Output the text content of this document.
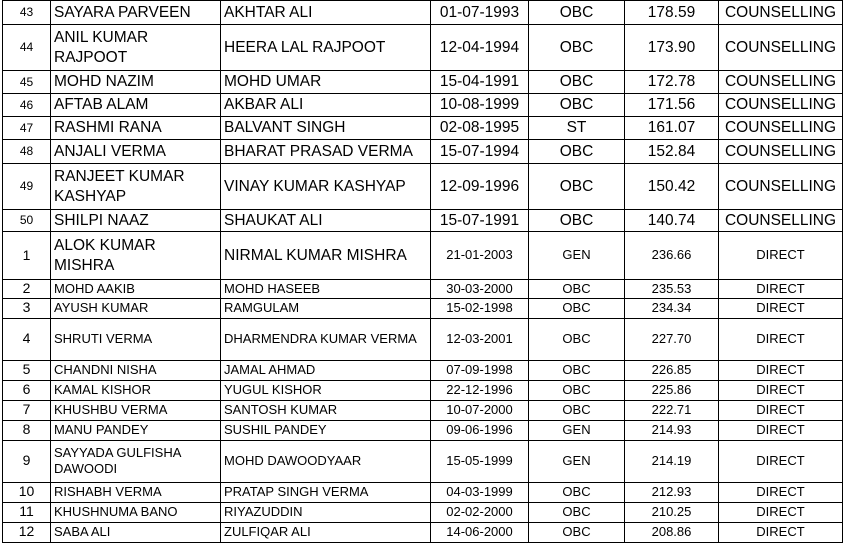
43	SAYARA PARVEEN	AKHTAR ALI	01-07-1993	OBC	178.59	COUNSELLING
44	ANIL KUMAR RAJPOOT	HEERA LAL RAJPOOT	12-04-1994	OBC	173.90	COUNSELLING
45	MOHD NAZIM	MOHD UMAR	15-04-1991	OBC	172.78	COUNSELLING
46	AFTAB ALAM	AKBAR ALI	10-08-1999	OBC	171.56	COUNSELLING
47	RASHMI RANA	BALVANT SINGH	02-08-1995	ST	161.07	COUNSELLING
48	ANJALI VERMA	BHARAT PRASAD VERMA	15-07-1994	OBC	152.84	COUNSELLING
49	RANJEET KUMAR KASHYAP	VINAY KUMAR KASHYAP	12-09-1996	OBC	150.42	COUNSELLING
50	SHILPI NAAZ	SHAUKAT ALI	15-07-1991	OBC	140.74	COUNSELLING
1	ALOK KUMAR MISHRA	NIRMAL KUMAR MISHRA	21-01-2003	GEN	236.66	DIRECT
2	MOHD AAKIB	MOHD HASEEB	30-03-2000	OBC	235.53	DIRECT
3	AYUSH KUMAR	RAMGULAM	15-02-1998	OBC	234.34	DIRECT
4	SHRUTI VERMA	DHARMENDRA KUMAR VERMA	12-03-2001	OBC	227.70	DIRECT
5	CHANDNI NISHA	JAMAL AHMAD	07-09-1998	OBC	226.85	DIRECT
6	KAMAL KISHOR	YUGUL KISHOR	22-12-1996	OBC	225.86	DIRECT
7	KHUSHBU VERMA	SANTOSH KUMAR	10-07-2000	OBC	222.71	DIRECT
8	MANU PANDEY	SUSHIL PANDEY	09-06-1996	GEN	214.93	DIRECT
9	SAYYADA GULFISHA DAWOODI	MOHD DAWOODYAAR	15-05-1999	GEN	214.19	DIRECT
10	RISHABH VERMA	PRATAP SINGH VERMA	04-03-1999	OBC	212.93	DIRECT
11	KHUSHNUMA BANO	RIYAZUDDIN	02-02-2000	OBC	210.25	DIRECT
12	SABA ALI	ZULFIQAR ALI	14-06-2000	OBC	208.86	DIRECT
